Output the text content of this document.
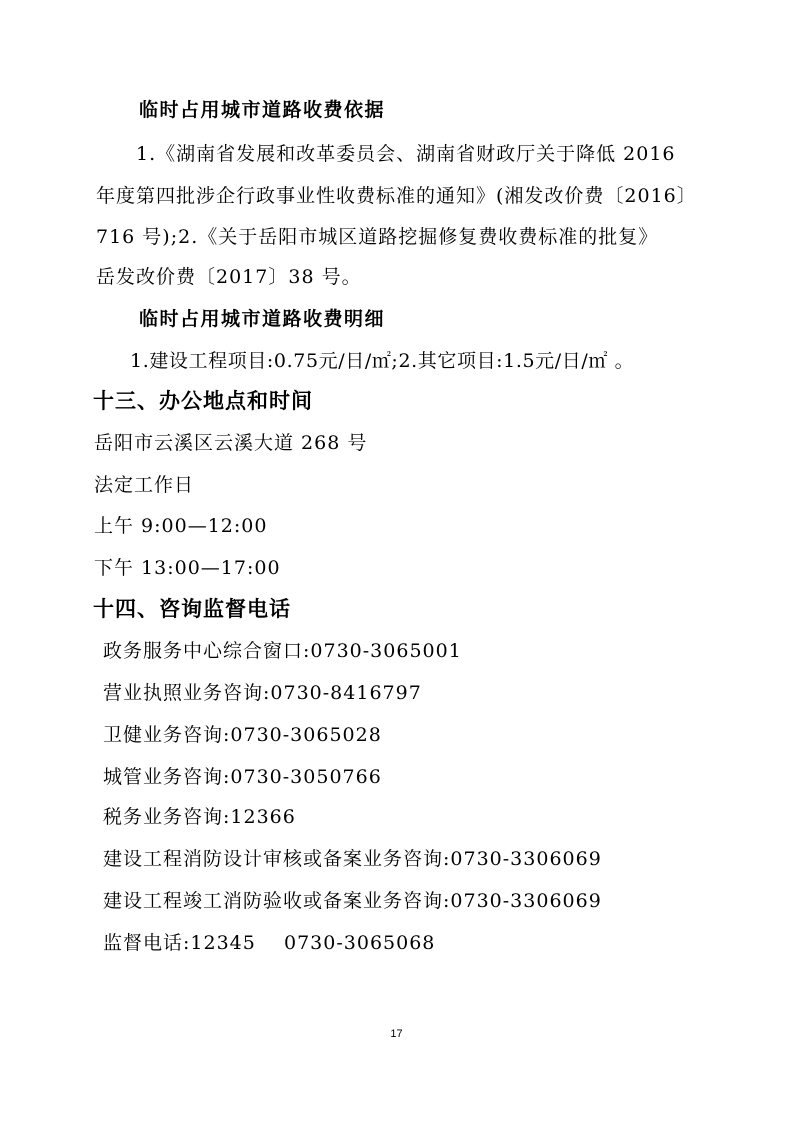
临时占用城市道路收费依据
1.《湖南省发展和改革委员会、湖南省财政厅关于降低 2016
年度第四批涉企行政事业性收费标准的通知》(湘发改价费〔2016〕
716 号);2.《关于岳阳市城区道路挖掘修复费收费标准的批复》
岳发改价费〔2017〕38 号。
临时占用城市道路收费明细
1.建设工程项目:0.75元/日/㎡;2.其它项目:1.5元/日/㎡ 。
十三、办公地点和时间
岳阳市云溪区云溪大道 268 号
法定工作日
上午 9:00—12:00
下午 13:00—17:00
十四、咨询监督电话
政务服务中心综合窗口:0730-3065001
营业执照业务咨询:0730-8416797
卫健业务咨询:0730-3065028
城管业务咨询:0730-3050766
税务业务咨询:12366
建设工程消防设计审核或备案业务咨询:0730-3306069
建设工程竣工消防验收或备案业务咨询:0730-3306069
监督电话:12345    0730-3065068
17
